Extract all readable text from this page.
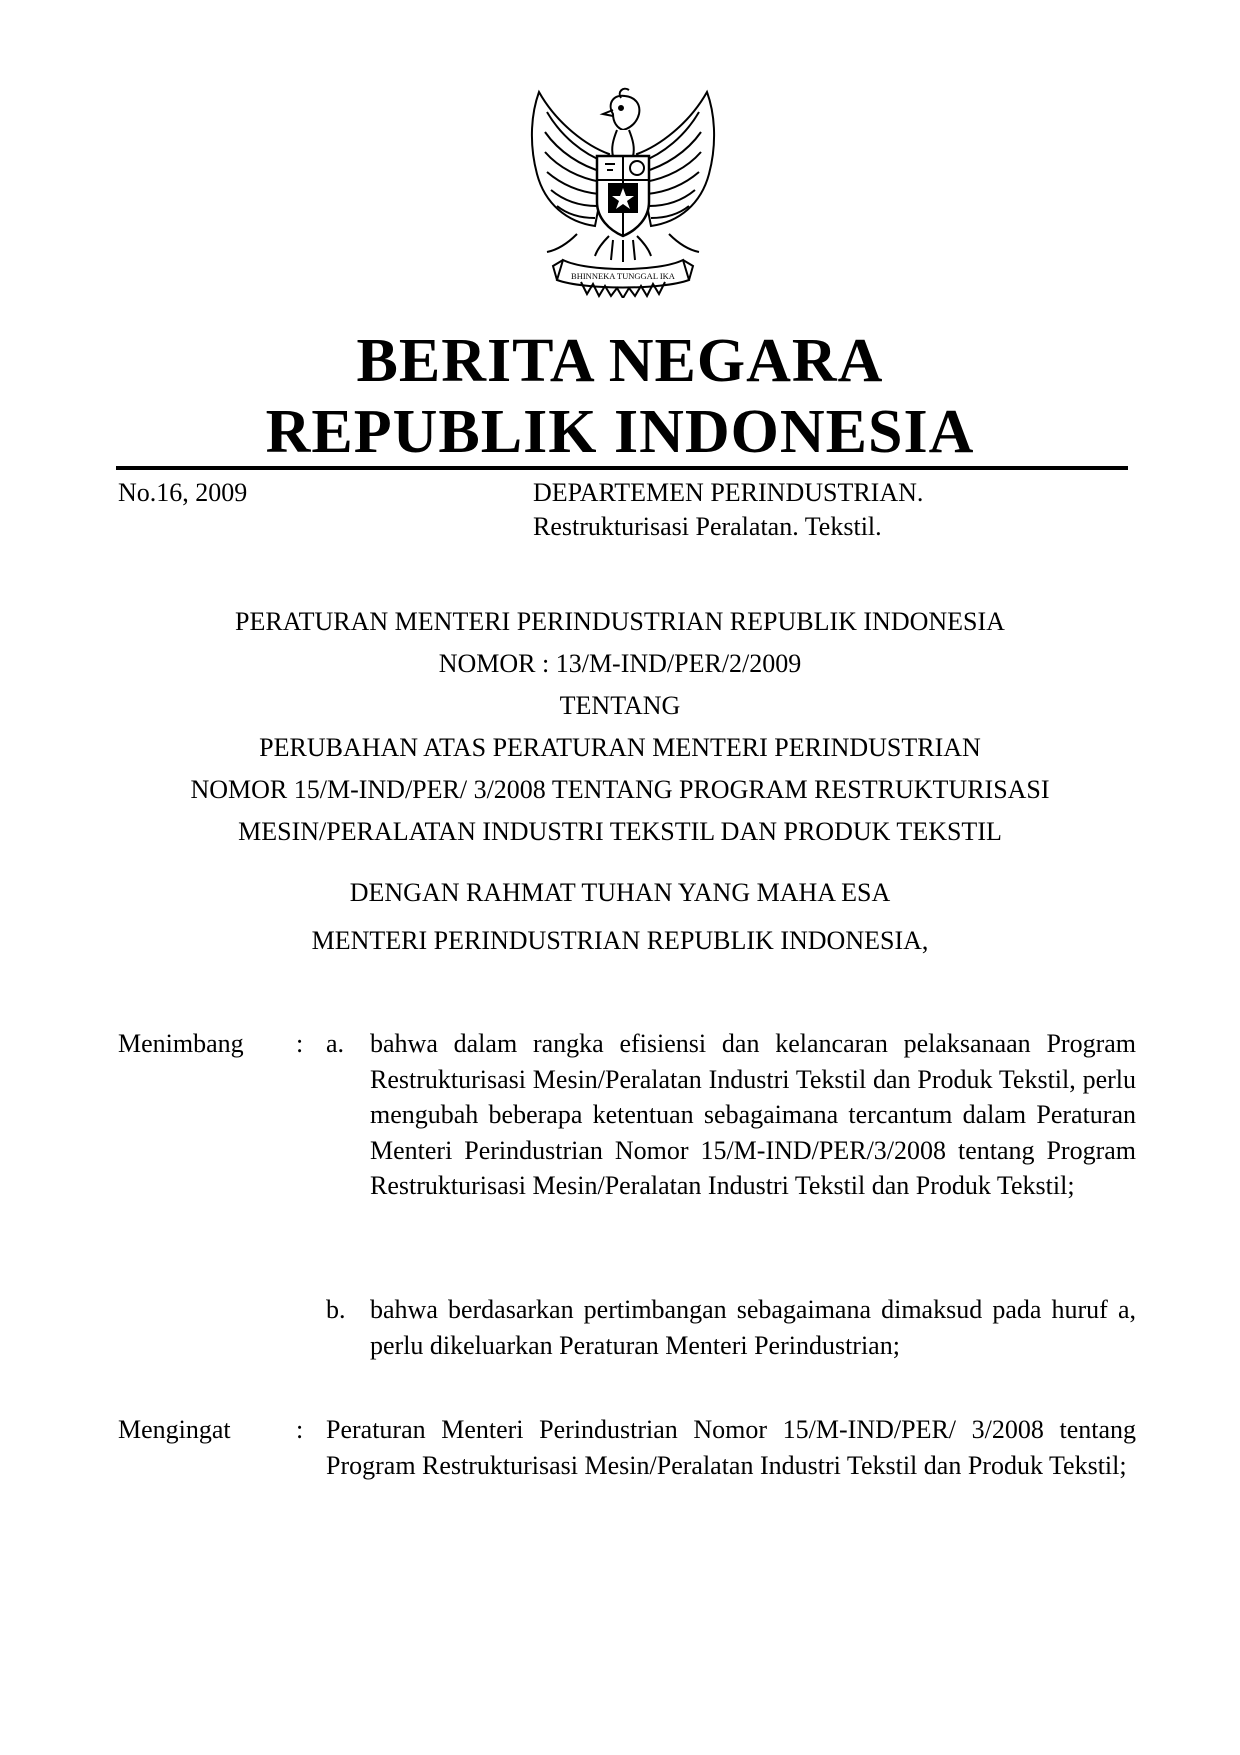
BHINNEKA TUNGGAL IKA
BERITA NEGARA
REPUBLIK INDONESIA
No.16, 2009	DEPARTEMEN PERINDUSTRIAN.
Restrukturisasi Peralatan. Tekstil.
PERATURAN MENTERI PERINDUSTRIAN REPUBLIK INDONESIA
NOMOR : 13/M-IND/PER/2/2009
TENTANG
PERUBAHAN ATAS PERATURAN MENTERI PERINDUSTRIAN
NOMOR 15/M-IND/PER/ 3/2008 TENTANG PROGRAM RESTRUKTURISASI
MESIN/PERALATAN INDUSTRI TEKSTIL DAN PRODUK TEKSTIL
DENGAN RAHMAT TUHAN YANG MAHA ESA
MENTERI PERINDUSTRIAN REPUBLIK INDONESIA,
Menimbang : a. bahwa dalam rangka efisiensi dan kelancaran pelaksanaan Program Restrukturisasi Mesin/Peralatan Industri Tekstil dan Produk Tekstil, perlu mengubah beberapa ketentuan sebagaimana tercantum dalam Peraturan Menteri Perindustrian Nomor 15/M-IND/PER/3/2008 tentang Program Restrukturisasi Mesin/Peralatan Industri Tekstil dan Produk Tekstil;
b. bahwa berdasarkan pertimbangan sebagaimana dimaksud pada huruf a, perlu dikeluarkan Peraturan Menteri Perindustrian;
Mengingat	: Peraturan Menteri Perindustrian Nomor 15/M-IND/PER/ 3/2008 tentang Program Restrukturisasi Mesin/Peralatan Industri Tekstil dan Produk Tekstil;
